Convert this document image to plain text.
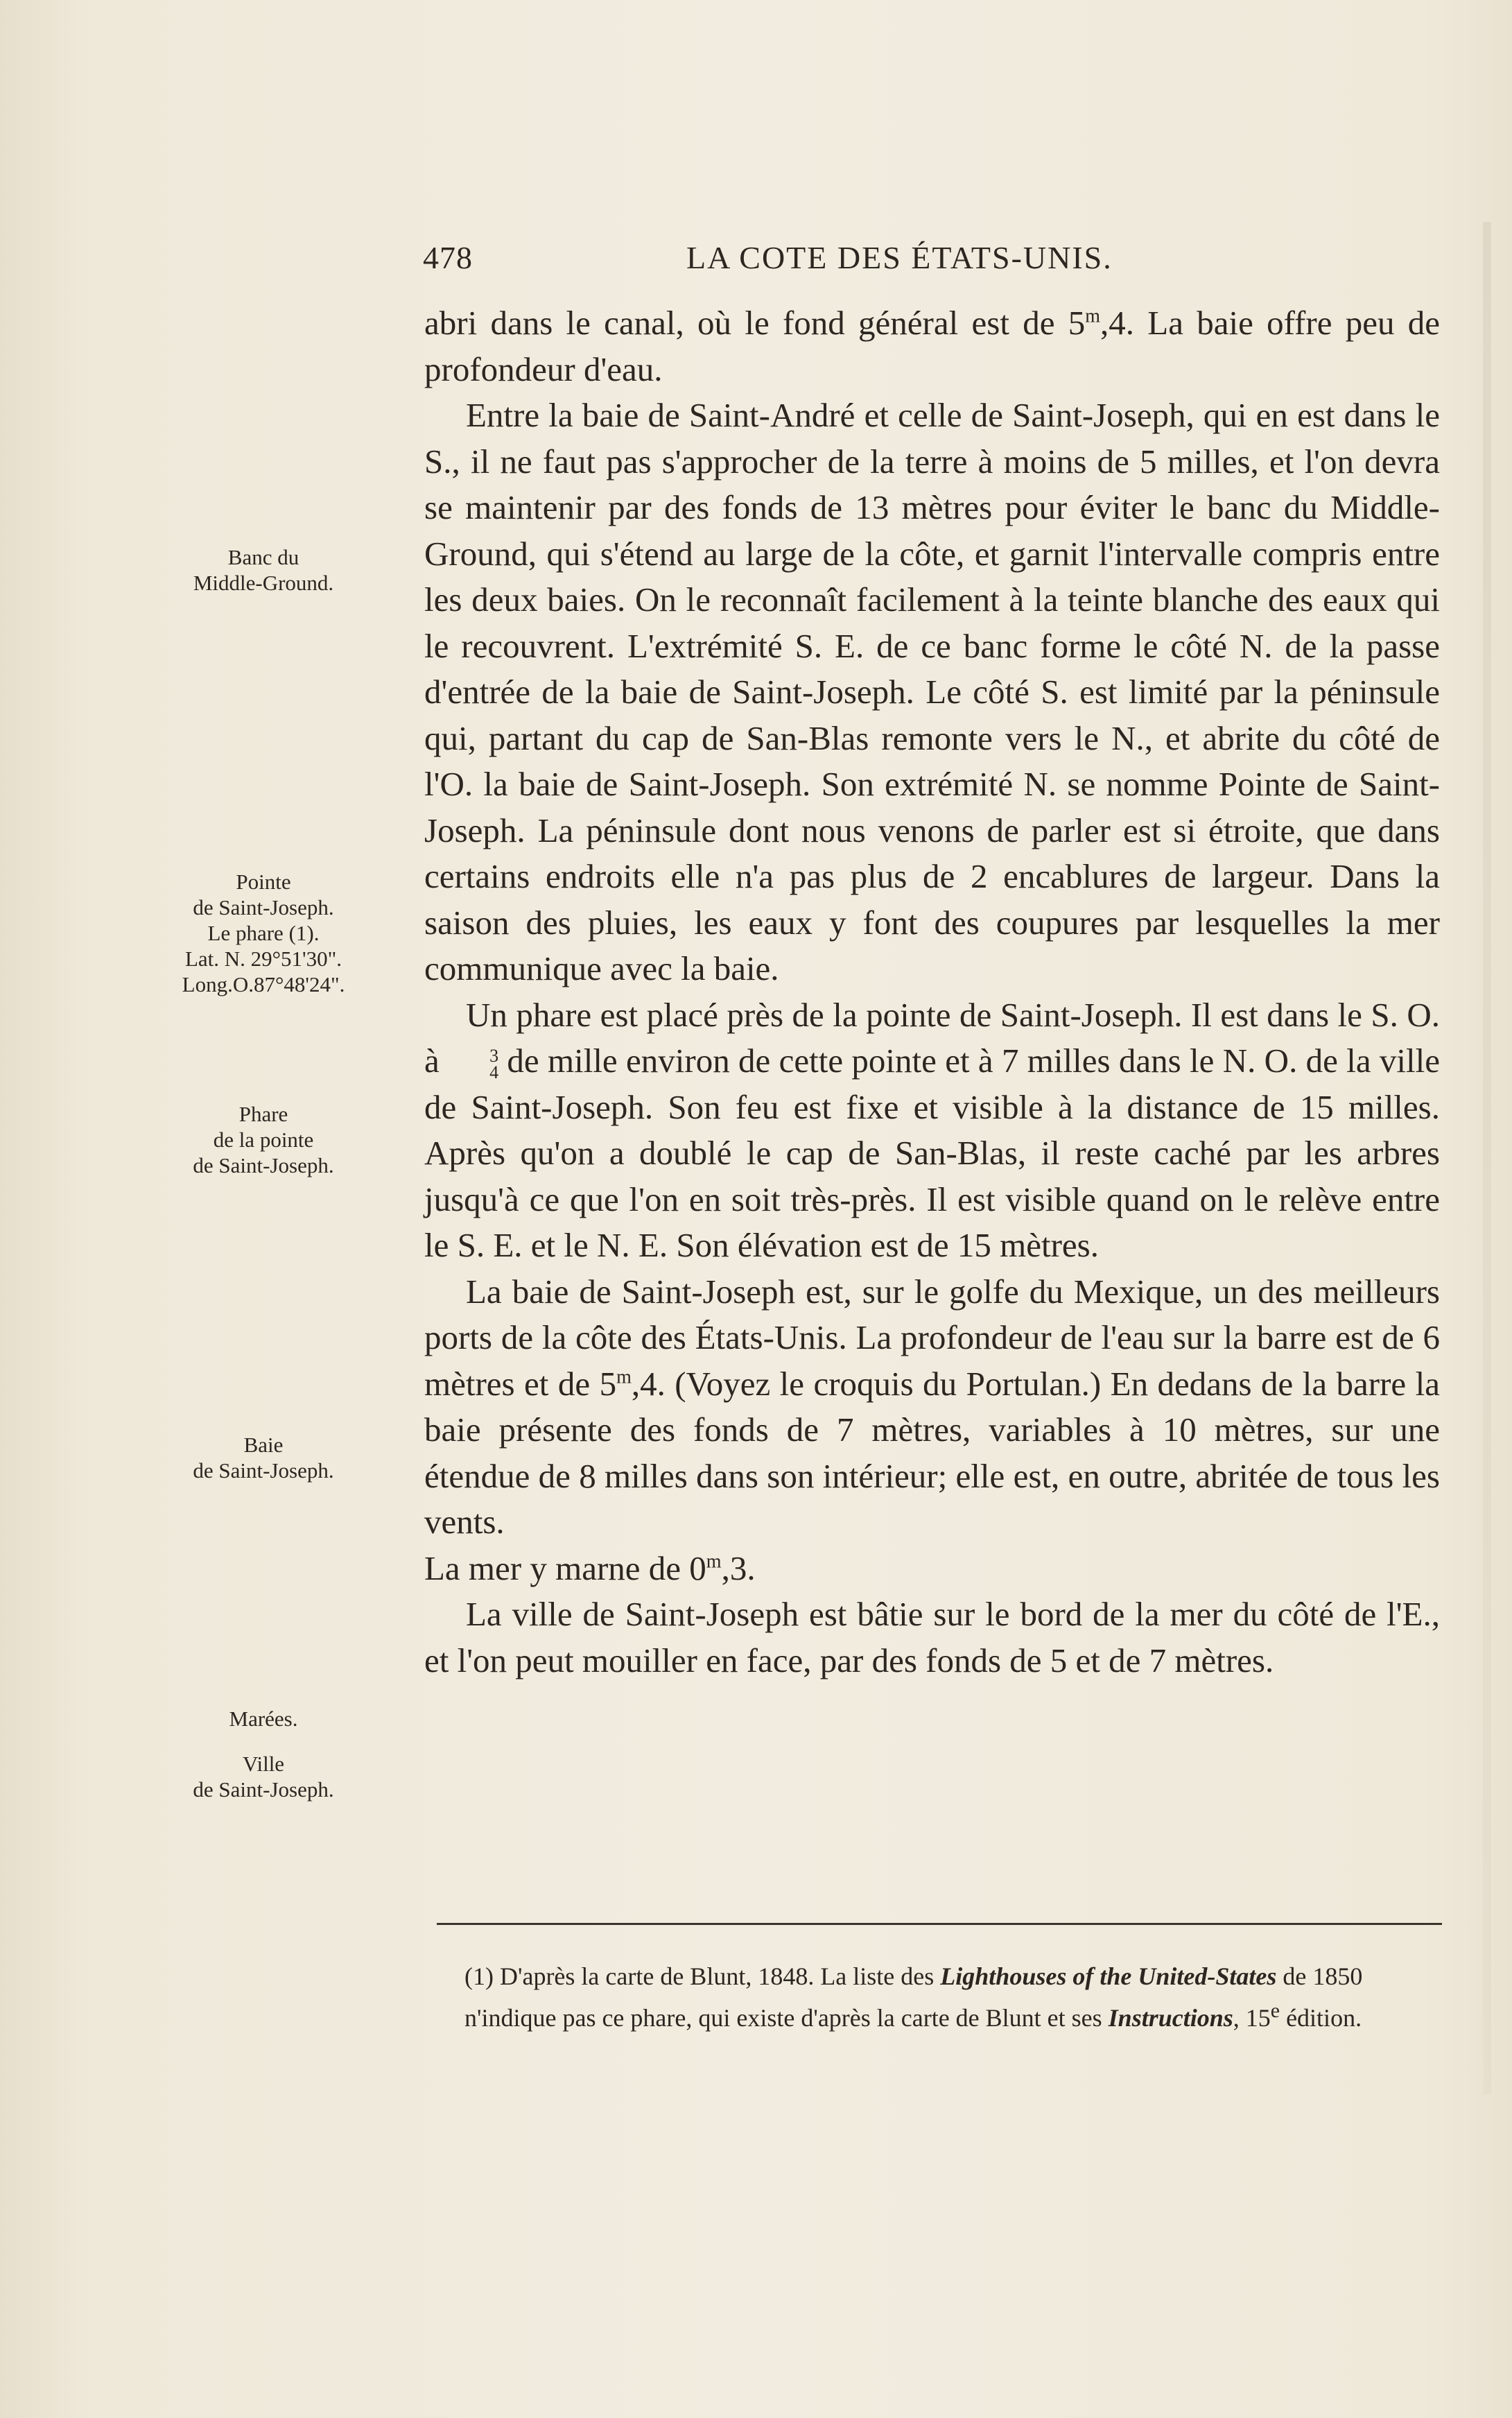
478	LA COTE DES ÉTATS-UNIS.

abri dans le canal, où le fond général est de 5$^m$,4. La baie offre peu de profondeur d'eau.

Entre la baie de Saint-André et celle de Saint-Joseph, qui en est dans le S., il ne faut pas s'approcher de la terre à moins de 5 milles, et l'on devra se maintenir par des fonds de 13 mètres pour éviter le banc du Middle-Ground, qui s'étend au large de la côte, et garnit l'intervalle compris entre les deux baies. On le reconnaît facilement à la teinte blanche des eaux qui le recouvrent. L'extrémité S. E. de ce banc forme le côté N. de la passe d'entrée de la baie de Saint-Joseph. Le côté S. est limité par la péninsule qui, partant du cap de San-Blas remonte vers le N., et abrite du côté de l'O. la baie de Saint-Joseph. Son extrémité N. se nomme Pointe de Saint-Joseph. La péninsule dont nous venons de parler est si étroite, que dans certains endroits elle n'a pas plus de 2 encablures de largeur. Dans la saison des pluies, les eaux y font des coupures par lesquelles la mer communique avec la baie.

Un phare est placé près de la pointe de Saint-Joseph. Il est dans le S. O. à	3
4 de mille environ de cette pointe et à 7 milles dans le N. O. de la ville de Saint-Joseph. Son feu est fixe et visible à la distance de 15 milles. Après qu'on a doublé le cap de San-Blas, il reste caché par les arbres jusqu'à ce que l'on en soit très-près. Il est visible quand on le relève entre le S. E. et le N. E. Son élévation est de 15 mètres.

La baie de Saint-Joseph est, sur le golfe du Mexique, un des meilleurs ports de la côte des États-Unis. La profondeur de l'eau sur la barre est de 6 mètres et de 5$^m$,4. (Voyez le croquis du Portulan.) En dedans de la barre la baie présente des fonds de 7 mètres, variables à 10 mètres, sur une étendue de 8 milles dans son intérieur; elle est, en outre, abritée de tous les vents.

La mer y marne de 0$^m$,3.

La ville de Saint-Joseph est bâtie sur le bord de la mer du côté de l'E., et l'on peut mouiller en face, par des fonds de 5 et de 7 mètres.

Banc du
Middle-Ground.
Pointe
de Saint-Joseph.
Le phare (1).
Lat. N. 29°51'30".
Long.O.87°48'24".
Phare
de la pointe
de Saint-Joseph.
Baie
de Saint-Joseph.
Marées.
Ville
de Saint-Joseph.
(1) D'après la carte de Blunt, 1848. La liste des Lighthouses of the United-States de 1850 n'indique pas ce phare, qui existe d'après la carte de Blunt et ses Instructions, 15e édition.
